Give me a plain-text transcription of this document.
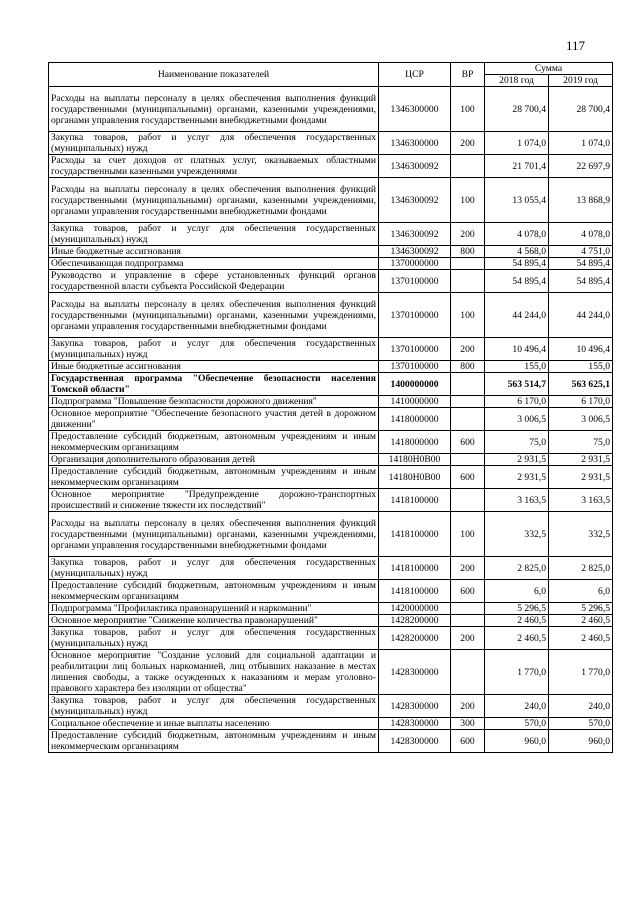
117
Наименование показателей	ЦСР	ВР	Сумма	
			2018 год	2019 год
Расходы на выплаты персоналу в целях обеспечения выполнения функций государственными (муниципальными) органами, казенными учреждениями, органами управления государственными внебюджетными фондами	1346300000	100	28 700,4	28 700,4
Закупка товаров, работ и услуг для обеспечения государственных (муниципальных) нужд	1346300000	200	1 074,0	1 074,0
Расходы за счет доходов от платных услуг, оказываемых областными государственными казенными учреждениями	1346300092		21 701,4	22 697,9
Расходы на выплаты персоналу в целях обеспечения выполнения функций государственными (муниципальными) органами, казенными учреждениями, органами управления государственными внебюджетными фондами	1346300092	100	13 055,4	13 868,9
Закупка товаров, работ и услуг для обеспечения государственных (муниципальных) нужд	1346300092	200	4 078,0	4 078,0
Иные бюджетные ассигнования	1346300092	800	4 568,0	4 751,0
Обеспечивающая подпрограмма	1370000000		54 895,4	54 895,4
Руководство и управление в сфере установленных функций органов государственной власти субъекта Российской Федерации	1370100000		54 895,4	54 895,4
Расходы на выплаты персоналу в целях обеспечения выполнения функций государственными (муниципальными) органами, казенными учреждениями, органами управления государственными внебюджетными фондами	1370100000	100	44 244,0	44 244,0
Закупка товаров, работ и услуг для обеспечения государственных (муниципальных) нужд	1370100000	200	10 496,4	10 496,4
Иные бюджетные ассигнования	1370100000	800	155,0	155,0
Государственная программа "Обеспечение безопасности населения Томской области"	1400000000		563 514,7	563 625,1
Подпрограмма "Повышение безопасности дорожного движения"	1410000000		6 170,0	6 170,0
Основное мероприятие "Обеспечение безопасного участия детей в дорожном движении"	1418000000		3 006,5	3 006,5
Предоставление субсидий бюджетным, автономным учреждениям и иным некоммерческим организациям	1418000000	600	75,0	75,0
Организация дополнительного образования детей	14180Н0В00		2 931,5	2 931,5
Предоставление субсидий бюджетным, автономным учреждениям и иным некоммерческим организациям	14180Н0В00	600	2 931,5	2 931,5
Основное мероприятие "Предупреждение дорожно-транспортных происшествий и снижение тяжести их последствий"	1418100000		3 163,5	3 163,5
Расходы на выплаты персоналу в целях обеспечения выполнения функций государственными (муниципальными) органами, казенными учреждениями, органами управления государственными внебюджетными фондами	1418100000	100	332,5	332,5
Закупка товаров, работ и услуг для обеспечения государственных (муниципальных) нужд	1418100000	200	2 825,0	2 825,0
Предоставление субсидий бюджетным, автономным учреждениям и иным некоммерческим организациям	1418100000	600	6,0	6,0
Подпрограмма "Профилактика правонарушений и наркомании"	1420000000		5 296,5	5 296,5
Основное мероприятие "Снижение количества правонарушений"	1428200000		2 460,5	2 460,5
Закупка товаров, работ и услуг для обеспечения государственных (муниципальных) нужд	1428200000	200	2 460,5	2 460,5
Основное мероприятие "Создание условий для социальной адаптации и реабилитации лиц больных наркоманией, лиц отбывших наказание в местах лишения свободы, а также осужденных к наказаниям и мерам уголовно-правового характера без изоляции от общества"	1428300000		1 770,0	1 770,0
Закупка товаров, работ и услуг для обеспечения государственных (муниципальных) нужд	1428300000	200	240,0	240,0
Социальное обеспечение и иные выплаты населению	1428300000	300	570,0	570,0
Предоставление субсидий бюджетным, автономным учреждениям и иным некоммерческим организациям	1428300000	600	960,0	960,0
